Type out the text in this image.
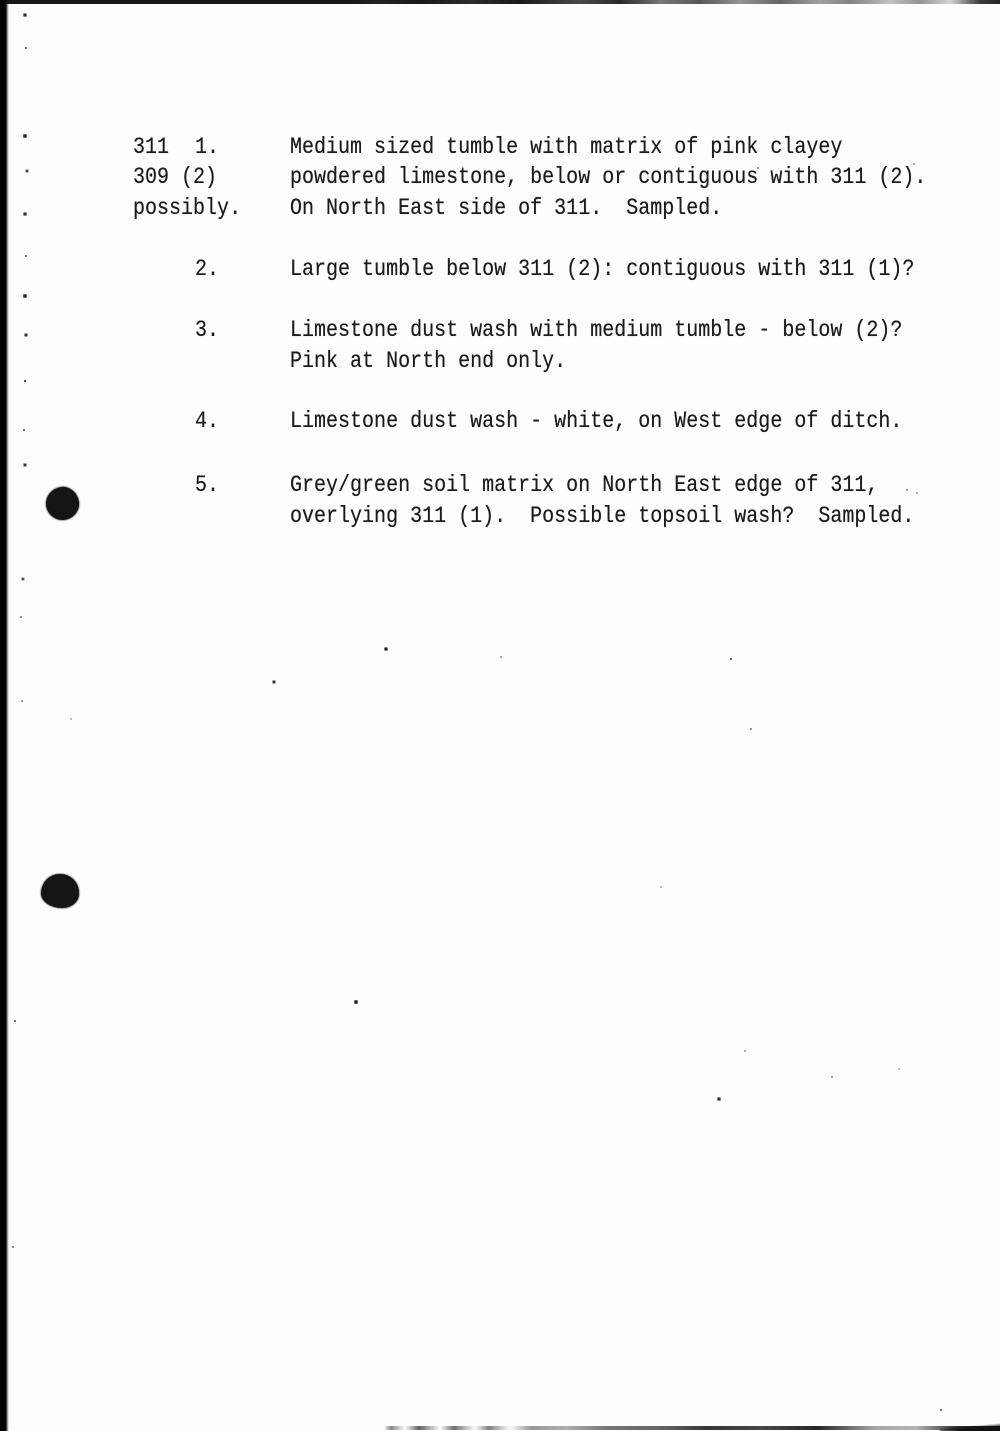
311 1.	Medium sized tumble with matrix of pink clayey
309 (2)	powdered limestone, below or contiguous with 311 (2).
possibly. On North East side of 311.  Sampled.
2.	Large tumble below 311 (2): contiguous with 311 (1)?
3.	Limestone dust wash with medium tumble - below (2)?
Pink at North end only.
4.	Limestone dust wash - white, on West edge of ditch.
5.	Grey/green soil matrix on North East edge of 311,
overlying 311 (1).  Possible topsoil wash?  Sampled.
